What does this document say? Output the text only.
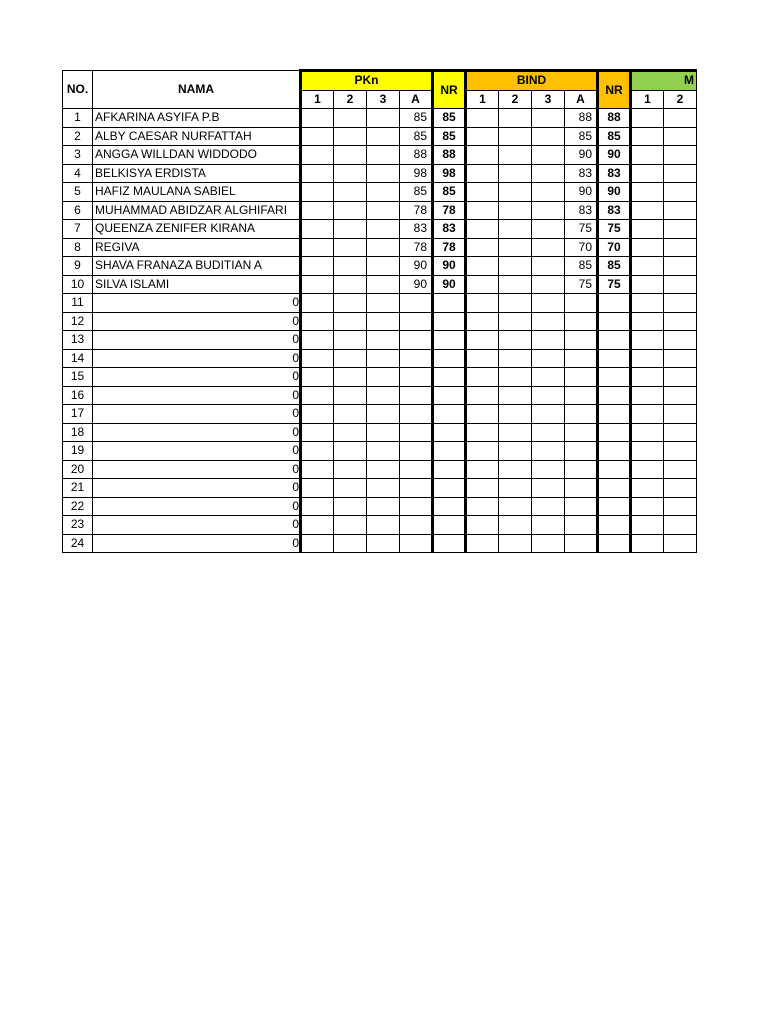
NO.	NAMA	PKn				NR	BIND				NR	M	
		1	2	3	A		1	2	3	A		1	2
1	AFKARINA ASYIFA P.B				85	85				88	88		
2	ALBY CAESAR NURFATTAH				85	85				85	85		
3	ANGGA WILLDAN WIDDODO				88	88				90	90		
4	BELKISYA ERDISTA				98	98				83	83		
5	HAFIZ MAULANA SABIEL				85	85				90	90		
6	MUHAMMAD ABIDZAR ALGHIFARI				78	78				83	83		
7	QUEENZA ZENIFER KIRANA				83	83				75	75		
8	REGIVA				78	78				70	70		
9	SHAVA FRANAZA BUDITIAN A				90	90				85	85		
10	SILVA ISLAMI				90	90				75	75		
11	0												
12	0												
13	0												
14	0												
15	0												
16	0												
17	0												
18	0												
19	0												
20	0												
21	0												
22	0												
23	0												
24	0												
